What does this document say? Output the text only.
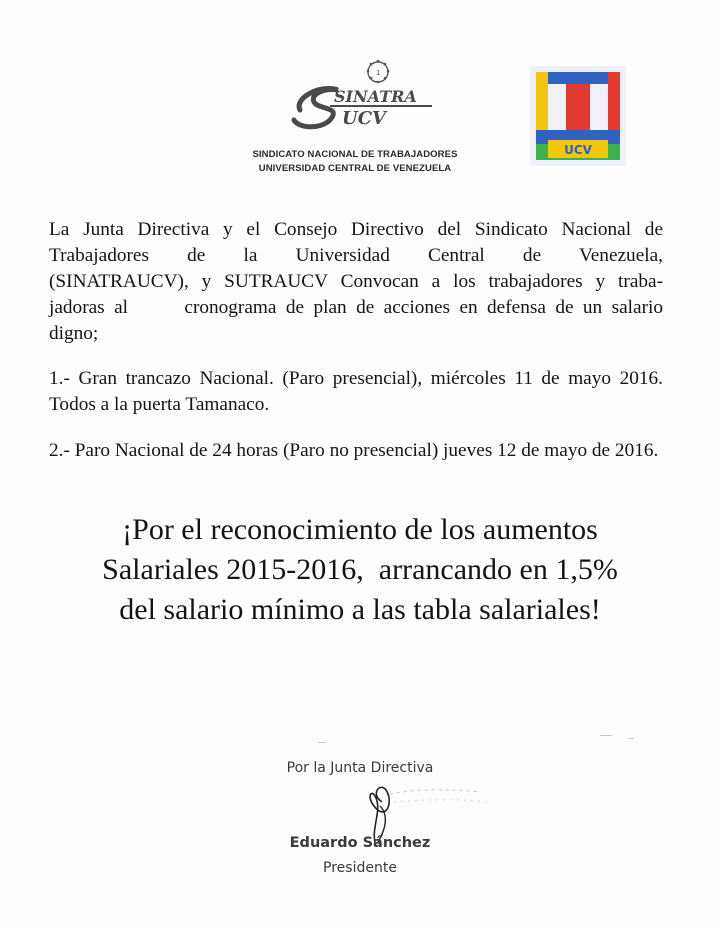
1
SINATRA
UCV
SINDICATO NACIONAL DE TRABAJADORES
UNIVERSIDAD CENTRAL DE VENEZUELA
UCV
La Junta Directiva y el Consejo Directivo del Sindicato Nacional de
Trabajadores de la Universidad Central de Venezuela,
(SINATRAUCV), y SUTRAUCV Convocan a los trabajadores y traba-
jadoras al      cronograma de plan de acciones en defensa de un salario
digno;
1.- Gran trancazo Nacional. (Paro presencial), miércoles 11 de mayo 2016. Todos a la puerta Tamanaco.
2.- Paro Nacional de 24 horas (Paro no presencial) jueves 12 de mayo de 2016.
¡Por el reconocimiento de los aumentos
Salariales 2015-2016,  arrancando en 1,5%
del salario mínimo a las tabla salariales!
Por la Junta Directiva
Eduardo Sánchez
Presidente
